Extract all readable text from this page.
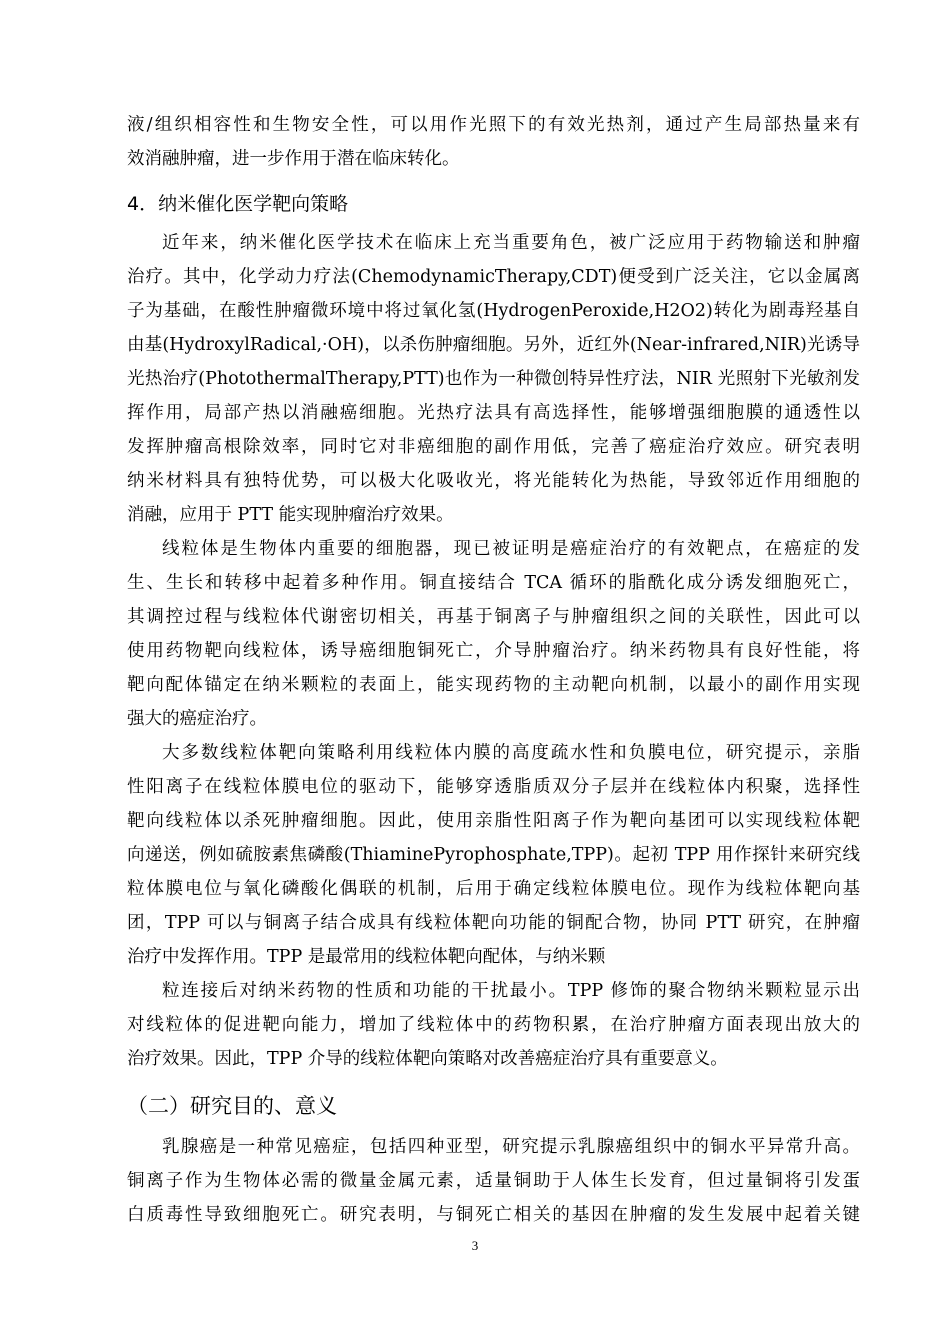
液/组织相容性和生物安全性，可以用作光照下的有效光热剂，通过产生局部热量来有
效消融肿瘤，进一步作用于潜在临床转化。
4．纳米催化医学靶向策略
近年来，纳米催化医学技术在临床上充当重要角色，被广泛应用于药物输送和肿瘤
治疗。其中，化学动力疗法(ChemodynamicTherapy,CDT)便受到广泛关注，它以金属离
子为基础，在酸性肿瘤微环境中将过氧化氢(HydrogenPeroxide,H2O2)转化为剧毒羟基自
由基(HydroxylRadical,·OH)，以杀伤肿瘤细胞。另外，近红外(Near-infrared,NIR)光诱导
光热治疗(PhotothermalTherapy,PTT)也作为一种微创特异性疗法，NIR 光照射下光敏剂发
挥作用，局部产热以消融癌细胞。光热疗法具有高选择性，能够增强细胞膜的通透性以
发挥肿瘤高根除效率，同时它对非癌细胞的副作用低，完善了癌症治疗效应。研究表明
纳米材料具有独特优势，可以极大化吸收光，将光能转化为热能，导致邻近作用细胞的
消融，应用于 PTT 能实现肿瘤治疗效果。
线粒体是生物体内重要的细胞器，现已被证明是癌症治疗的有效靶点，在癌症的发
生、生长和转移中起着多种作用。铜直接结合 TCA 循环的脂酰化成分诱发细胞死亡，
其调控过程与线粒体代谢密切相关，再基于铜离子与肿瘤组织之间的关联性，因此可以
使用药物靶向线粒体，诱导癌细胞铜死亡，介导肿瘤治疗。纳米药物具有良好性能，将
靶向配体锚定在纳米颗粒的表面上，能实现药物的主动靶向机制，以最小的副作用实现
强大的癌症治疗。
大多数线粒体靶向策略利用线粒体内膜的高度疏水性和负膜电位，研究提示，亲脂
性阳离子在线粒体膜电位的驱动下，能够穿透脂质双分子层并在线粒体内积聚，选择性
靶向线粒体以杀死肿瘤细胞。因此，使用亲脂性阳离子作为靶向基团可以实现线粒体靶
向递送，例如硫胺素焦磷酸(ThiaminePyrophosphate,TPP)。起初 TPP 用作探针来研究线
粒体膜电位与氧化磷酸化偶联的机制，后用于确定线粒体膜电位。现作为线粒体靶向基
团，TPP 可以与铜离子结合成具有线粒体靶向功能的铜配合物，协同 PTT 研究，在肿瘤
治疗中发挥作用。TPP 是最常用的线粒体靶向配体，与纳米颗
粒连接后对纳米药物的性质和功能的干扰最小。TPP 修饰的聚合物纳米颗粒显示出
对线粒体的促进靶向能力，增加了线粒体中的药物积累，在治疗肿瘤方面表现出放大的
治疗效果。因此，TPP 介导的线粒体靶向策略对改善癌症治疗具有重要意义。
（二）研究目的、意义
乳腺癌是一种常见癌症，包括四种亚型，研究提示乳腺癌组织中的铜水平异常升高。
铜离子作为生物体必需的微量金属元素，适量铜助于人体生长发育，但过量铜将引发蛋
白质毒性导致细胞死亡。研究表明，与铜死亡相关的基因在肿瘤的发生发展中起着关键
3
